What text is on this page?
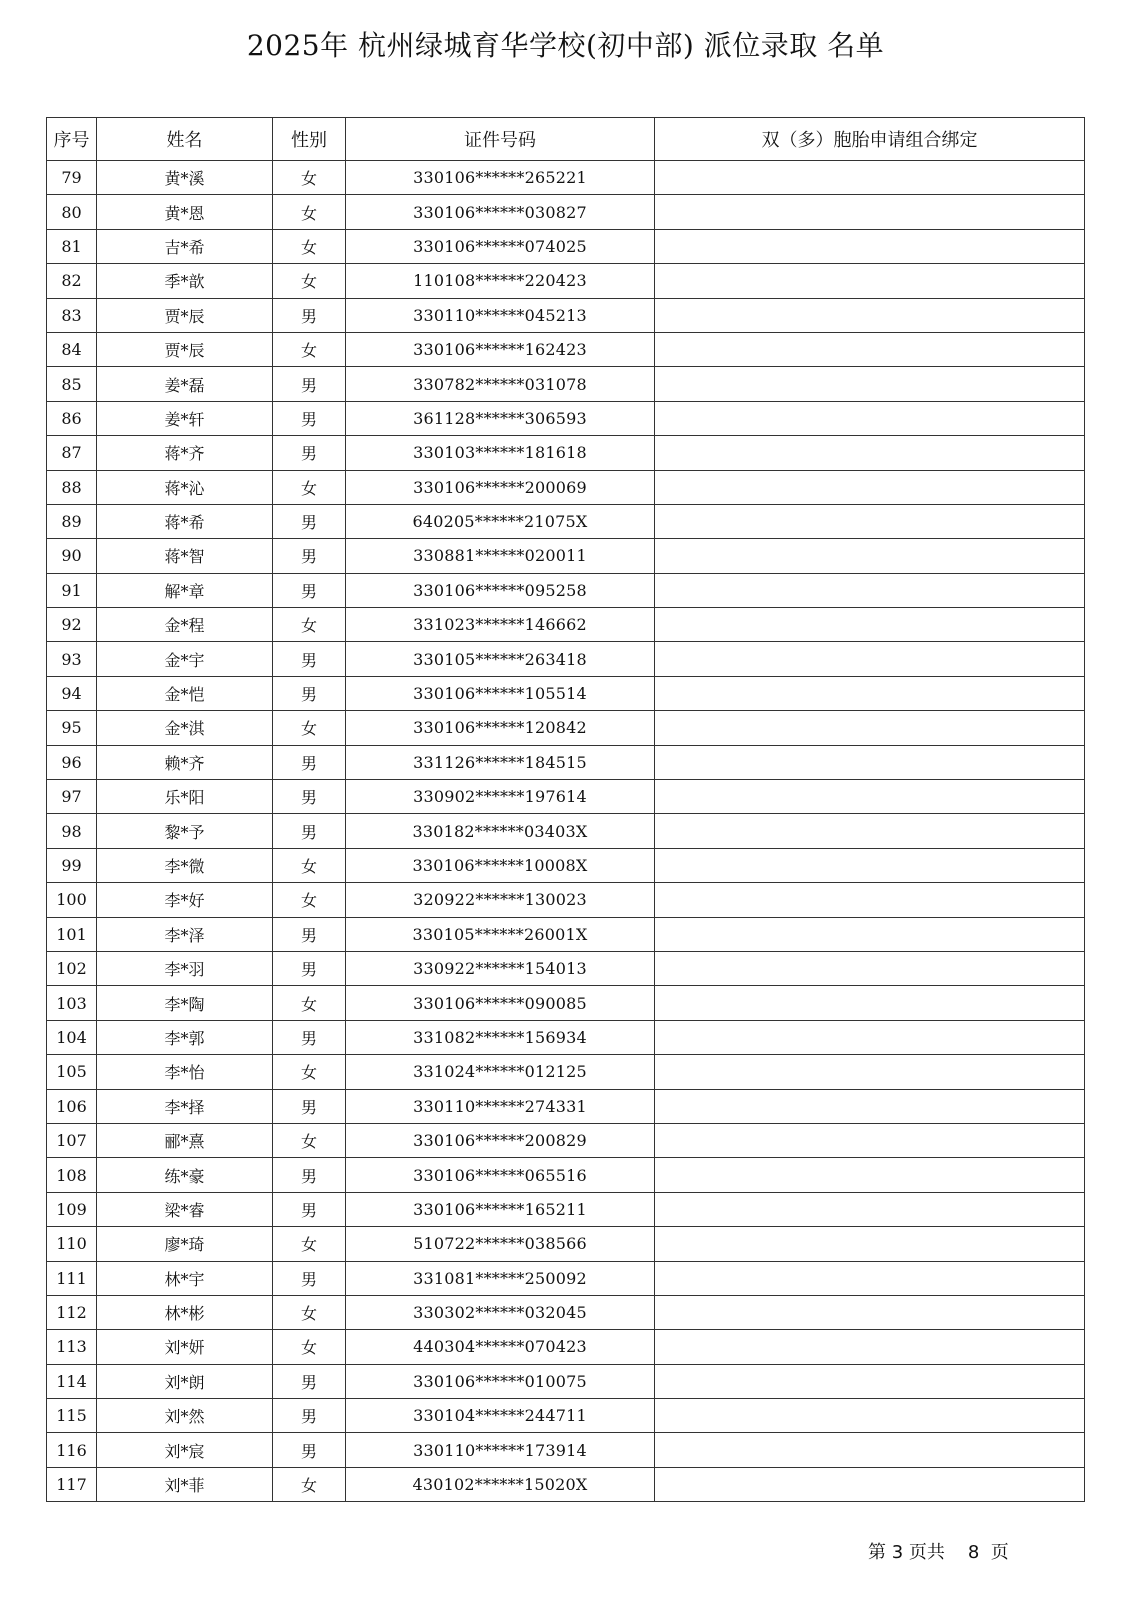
2025年 杭州绿城育华学校(初中部) 派位录取 名单
序号	姓名	性别	证件号码	双（多）胞胎申请组合绑定
79	黄*溪	女	330106******265221	
80	黄*恩	女	330106******030827	
81	吉*希	女	330106******074025	
82	季*歆	女	110108******220423	
83	贾*辰	男	330110******045213	
84	贾*辰	女	330106******162423	
85	姜*磊	男	330782******031078	
86	姜*轩	男	361128******306593	
87	蒋*齐	男	330103******181618	
88	蒋*沁	女	330106******200069	
89	蒋*希	男	640205******21075X	
90	蒋*智	男	330881******020011	
91	解*章	男	330106******095258	
92	金*程	女	331023******146662	
93	金*宇	男	330105******263418	
94	金*恺	男	330106******105514	
95	金*淇	女	330106******120842	
96	赖*齐	男	331126******184515	
97	乐*阳	男	330902******197614	
98	黎*予	男	330182******03403X	
99	李*微	女	330106******10008X	
100	李*好	女	320922******130023	
101	李*泽	男	330105******26001X	
102	李*羽	男	330922******154013	
103	李*陶	女	330106******090085	
104	李*郭	男	331082******156934	
105	李*怡	女	331024******012125	
106	李*择	男	330110******274331	
107	郦*熹	女	330106******200829	
108	练*豪	男	330106******065516	
109	梁*睿	男	330106******165211	
110	廖*琦	女	510722******038566	
111	林*宇	男	331081******250092	
112	林*彬	女	330302******032045	
113	刘*妍	女	440304******070423	
114	刘*朗	男	330106******010075	
115	刘*然	男	330104******244711	
116	刘*宸	男	330110******173914	
117	刘*菲	女	430102******15020X	
第 3 页共 8 页
